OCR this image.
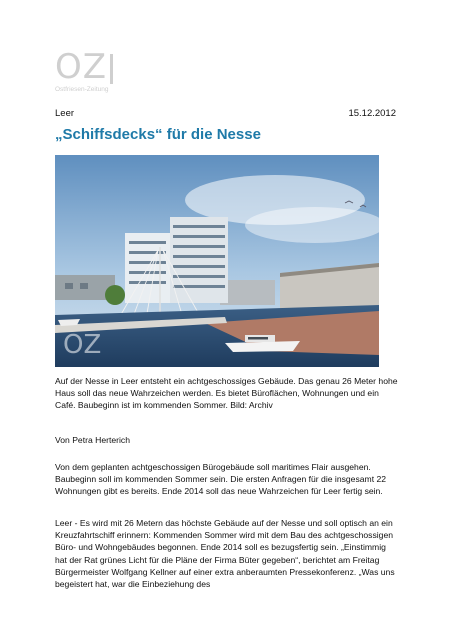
OZ
Ostfriesen-Zeitung
Leer	15.12.2012
„Schiffsdecks“ für die Nesse
OZ
Auf der Nesse in Leer entsteht ein achtgeschossiges Gebäude. Das genau 26 Meter hohe Haus soll das neue Wahrzeichen werden. Es bietet Büroflächen, Wohnungen und ein Café. Baubeginn ist im kommenden Sommer. Bild: Archiv
Von Petra Herterich
Von dem geplanten achtgeschossigen Bürogebäude soll maritimes Flair ausgehen. Baubeginn soll im kommenden Sommer sein. Die ersten Anfragen für die insgesamt 22 Wohnungen gibt es bereits. Ende 2014 soll das neue Wahrzeichen für Leer fertig sein.
Leer - Es wird mit 26 Metern das höchste Gebäude auf der Nesse und soll optisch an ein Kreuzfahrtschiff erinnern: Kommenden Sommer wird mit dem Bau des achtgeschossigen Büro- und Wohngebäudes begonnen. Ende 2014 soll es bezugsfertig sein. „Einstimmig hat der Rat grünes Licht für die Pläne der Firma Büter gegeben“, berichtet am Freitag Bürgermeister Wolfgang Kellner auf einer extra anberaumten Pressekonferenz. „Was uns begeistert hat, war die Einbeziehung des
